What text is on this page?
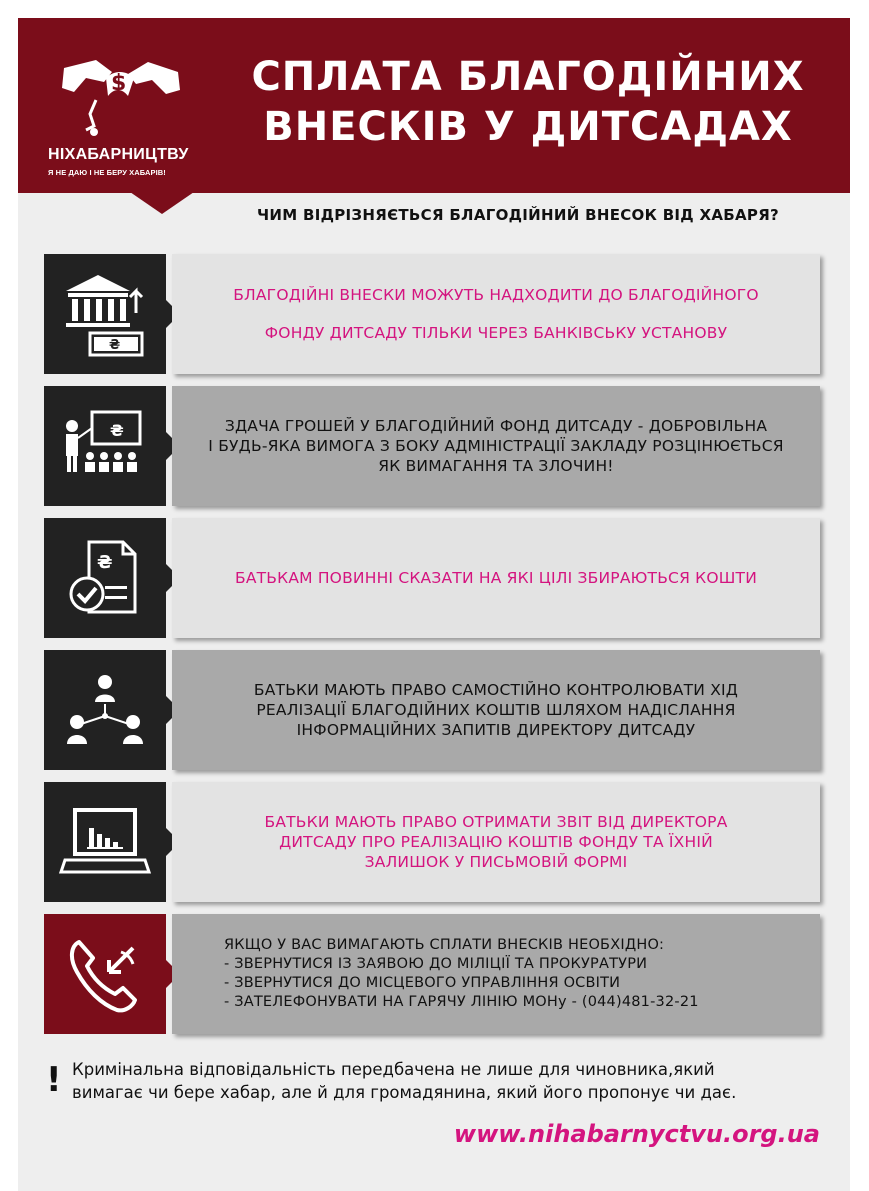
$
НІХАБАРНИЦТВУ
Я НЕ ДАЮ І НЕ БЕРУ ХАБАРІВ!
СПЛАТА БЛАГОДІЙНИХ
ВНЕСКІВ У ДИТСАДАХ
ЧИМ ВІДРІЗНЯЄТЬСЯ БЛАГОДІЙНИЙ ВНЕСОК ВІД ХАБАРЯ?
₴
БЛАГОДІЙНІ ВНЕСКИ МОЖУТЬ НАДХОДИТИ ДО БЛАГОДІЙНОГО
ФОНДУ ДИТСАДУ ТІЛЬКИ ЧЕРЕЗ БАНКІВСЬКУ УСТАНОВУ
₴	ЗДАЧА ГРОШЕЙ У БЛАГОДІЙНИЙ ФОНД ДИТСАДУ - ДОБРОВІЛЬНА
І БУДЬ-ЯКА ВИМОГА З БОКУ АДМІНІСТРАЦІЇ ЗАКЛАДУ РОЗЦІНЮЄТЬСЯ
ЯК ВИМАГАННЯ ТА ЗЛОЧИН!
₴
БАТЬКАМ ПОВИННІ СКАЗАТИ НА ЯКІ ЦІЛІ ЗБИРАЮТЬСЯ КОШТИ
БАТЬКИ МАЮТЬ ПРАВО САМОСТІЙНО КОНТРОЛЮВАТИ ХІД
РЕАЛІЗАЦІЇ БЛАГОДІЙНИХ КОШТІВ ШЛЯХОМ НАДІСЛАННЯ
ІНФОРМАЦІЙНИХ ЗАПИТІВ ДИРЕКТОРУ ДИТСАДУ
БАТЬКИ МАЮТЬ ПРАВО ОТРИМАТИ ЗВІТ ВІД ДИРЕКТОРА
ДИТСАДУ ПРО РЕАЛІЗАЦІЮ КОШТІВ ФОНДУ ТА ЇХНІЙ
ЗАЛИШОК У ПИСЬМОВІЙ ФОРМІ
ЯКЩО У ВАС ВИМАГАЮТЬ СПЛАТИ ВНЕСКІВ НЕОБХІДНО:
- ЗВЕРНУТИСЯ ІЗ ЗАЯВОЮ ДО МІЛІЦІЇ ТА ПРОКУРАТУРИ
- ЗВЕРНУТИСЯ ДО МІСЦЕВОГО УПРАВЛІННЯ ОСВІТИ
- ЗАТЕЛЕФОНУВАТИ НА ГАРЯЧУ ЛІНІЮ МОНу - (044)481-32-21
! Кримінальна відповідальність передбачена не лише для чиновника,який
вимагає чи бере хабар, але й для громадянина, який його пропонує чи дає.
www.nihabarnyctvu.org.ua
